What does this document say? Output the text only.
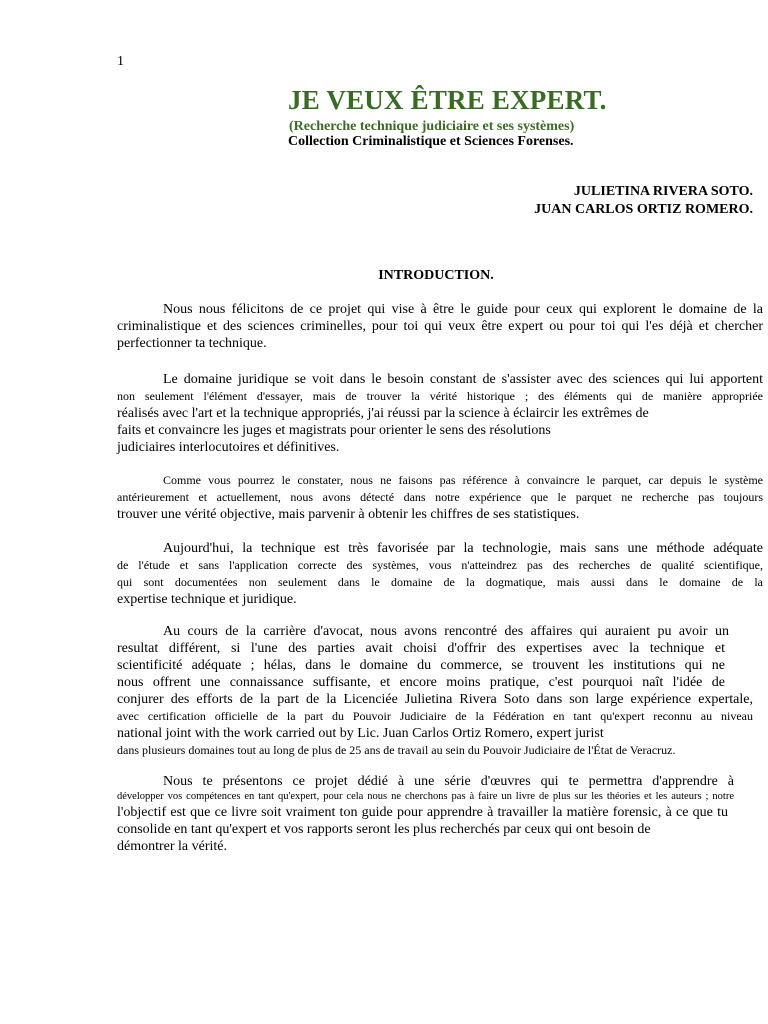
1
JE VEUX ÊTRE EXPERT.
(Recherche technique judiciaire et ses systèmes)
Collection Criminalistique et Sciences Forenses.
JULIETINA RIVERA SOTO.
JUAN CARLOS ORTIZ ROMERO.
INTRODUCTION.
Nous nous félicitons de ce projet qui vise à être le guide pour ceux qui explorent le domaine de la
criminalistique et des sciences criminelles, pour toi qui veux être expert ou pour toi qui l'es déjà et chercher
perfectionner ta technique.
Le domaine juridique se voit dans le besoin constant de s'assister avec des sciences qui lui apportent
non seulement l'élément d'essayer, mais de trouver la vérité historique ; des éléments qui de manière appropriée
réalisés avec l'art et la technique appropriés, j'ai réussi par la science à éclaircir les extrêmes de
faits et convaincre les juges et magistrats pour orienter le sens des résolutions
judiciaires interlocutoires et définitives.
Comme vous pourrez le constater, nous ne faisons pas référence à convaincre le parquet, car depuis le système
antérieurement et actuellement, nous avons détecté dans notre expérience que le parquet ne recherche pas toujours
trouver une vérité objective, mais parvenir à obtenir les chiffres de ses statistiques.
Aujourd'hui, la technique est très favorisée par la technologie, mais sans une méthode adéquate
de l'étude et sans l'application correcte des systèmes, vous n'atteindrez pas des recherches de qualité scientifique,
qui sont documentées non seulement dans le domaine de la dogmatique, mais aussi dans le domaine de la
expertise technique et juridique.
Au cours de la carrière d'avocat, nous avons rencontré des affaires qui auraient pu avoir un
resultat différent, si l'une des parties avait choisi d'offrir des expertises avec la technique et
scientificité adéquate ; hélas, dans le domaine du commerce, se trouvent les institutions qui ne
nous offrent une connaissance suffisante, et encore moins pratique, c'est pourquoi naît l'idée de
conjurer des efforts de la part de la Licenciée Julietina Rivera Soto dans son large expérience expertale,
avec certification officielle de la part du Pouvoir Judiciaire de la Fédération en tant qu'expert reconnu au niveau
national joint with the work carried out by Lic. Juan Carlos Ortiz Romero, expert jurist
dans plusieurs domaines tout au long de plus de 25 ans de travail au sein du Pouvoir Judiciaire de l'État de Veracruz.
Nous te présentons ce projet dédié à une série d'œuvres qui te permettra d'apprendre à
développer vos compétences en tant qu'expert, pour cela nous ne cherchons pas à faire un livre de plus sur les théories et les auteurs ; notre
l'objectif est que ce livre soit vraiment ton guide pour apprendre à travailler la matière forensic, à ce que tu
consolide en tant qu'expert et vos rapports seront les plus recherchés par ceux qui ont besoin de
démontrer la vérité.
